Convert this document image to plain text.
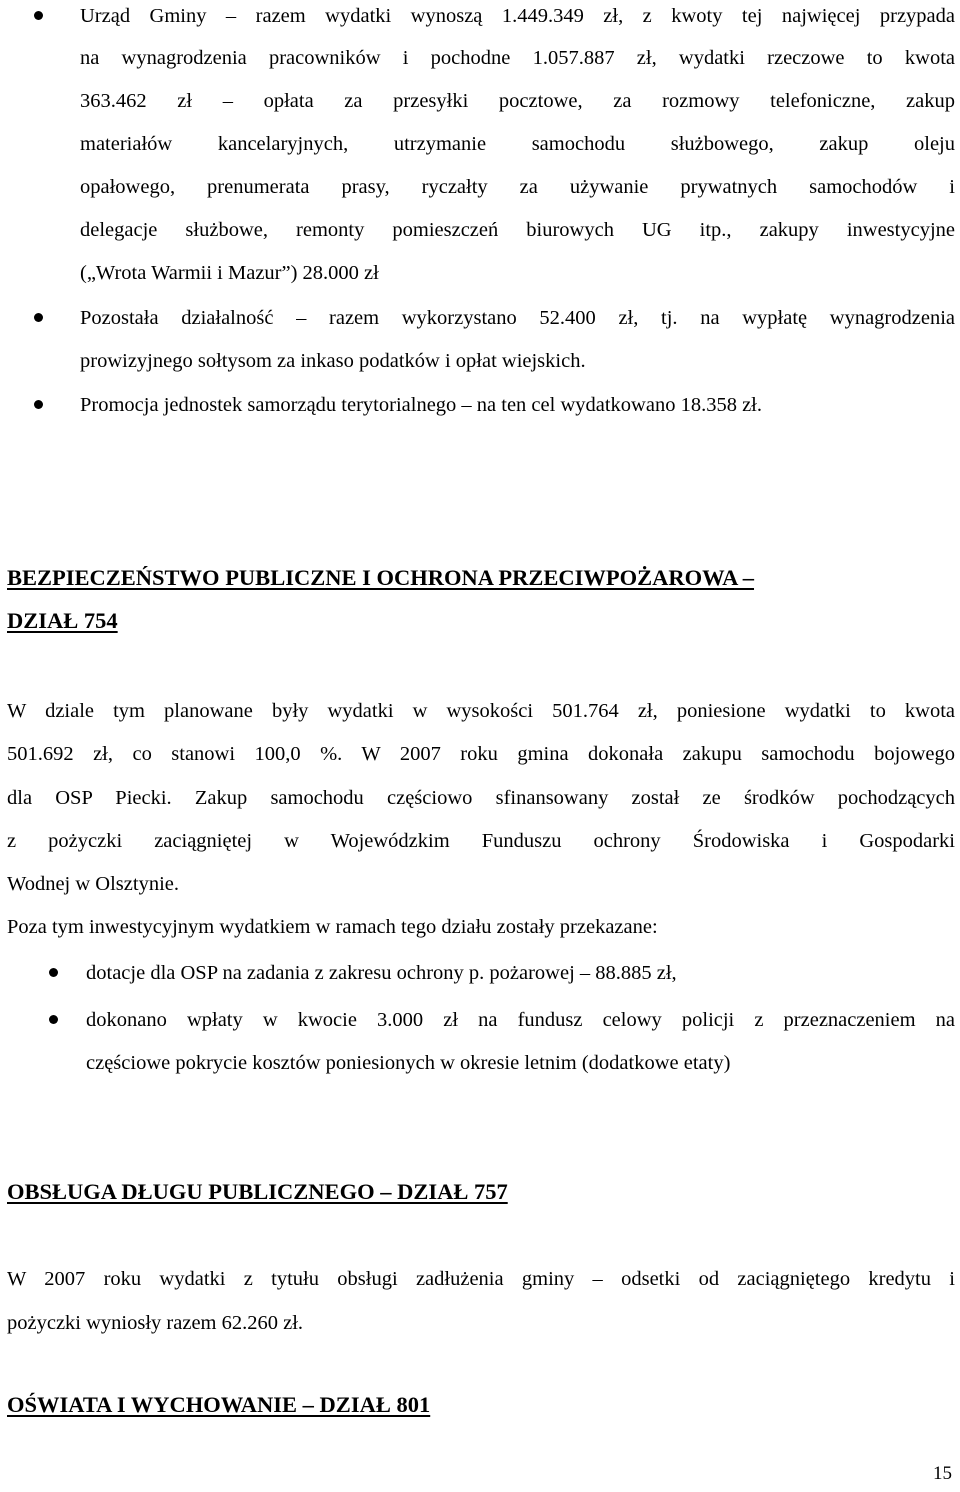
Urząd Gminy – razem wydatki wynoszą 1.449.349 zł, z kwoty tej najwięcej przypada
na wynagrodzenia pracowników i pochodne 1.057.887 zł, wydatki rzeczowe to kwota
363.462 zł – opłata za przesyłki pocztowe, za rozmowy telefoniczne, zakup
materiałów kancelaryjnych, utrzymanie samochodu służbowego, zakup oleju
opałowego, prenumerata prasy, ryczałty za używanie prywatnych samochodów i
delegacje służbowe, remonty pomieszczeń biurowych UG itp., zakupy inwestycyjne
(„Wrota Warmii i Mazur”) 28.000 zł
Pozostała działalność – razem wykorzystano 52.400 zł, tj. na wypłatę wynagrodzenia
prowizyjnego sołtysom za inkaso podatków i opłat wiejskich.
Promocja jednostek samorządu terytorialnego – na ten cel wydatkowano 18.358 zł.
BEZPIECZEŃSTWO PUBLICZNE I OCHRONA PRZECIWPOŻAROWA –
DZIAŁ 754
W dziale tym planowane były wydatki w wysokości 501.764 zł, poniesione wydatki to kwota
501.692 zł, co stanowi 100,0 %. W 2007 roku gmina dokonała zakupu samochodu bojowego
dla OSP Piecki. Zakup samochodu częściowo sfinansowany został ze środków pochodzących
z pożyczki zaciągniętej w Wojewódzkim Funduszu ochrony Środowiska i Gospodarki
Wodnej w Olsztynie.
Poza tym inwestycyjnym wydatkiem w ramach tego działu zostały przekazane:
dotacje dla OSP na zadania z zakresu ochrony p. pożarowej – 88.885 zł,
dokonano wpłaty w kwocie 3.000 zł na fundusz celowy policji z przeznaczeniem na
częściowe pokrycie kosztów poniesionych w okresie letnim (dodatkowe etaty)
OBSŁUGA DŁUGU PUBLICZNEGO – DZIAŁ 757
W 2007 roku wydatki z tytułu obsługi zadłużenia gminy – odsetki od zaciągniętego kredytu i
pożyczki wyniosły razem 62.260 zł.
OŚWIATA I WYCHOWANIE – DZIAŁ 801
15
